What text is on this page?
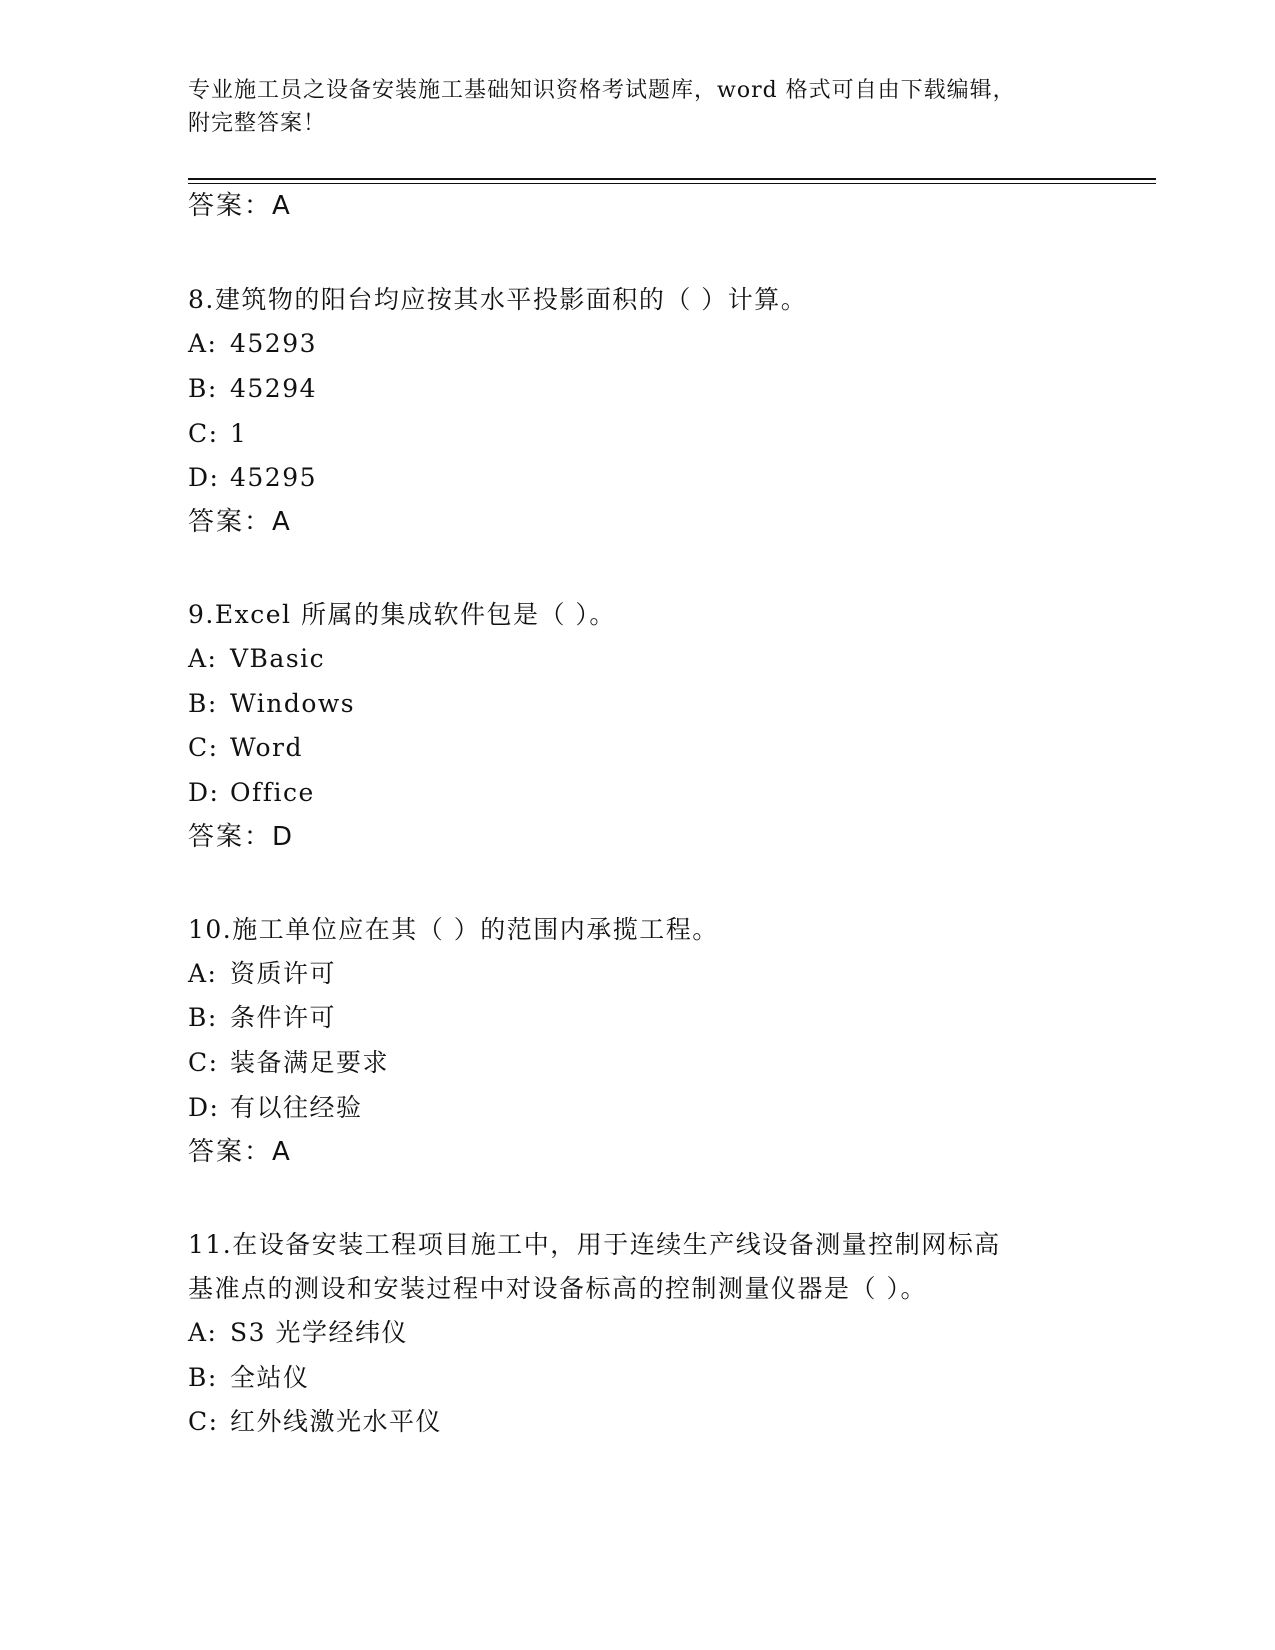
专业施工员之设备安装施工基础知识资格考试题库，word 格式可自由下载编辑，
附完整答案！
答案：A
8.建筑物的阳台均应按其水平投影面积的（ ）计算。
A: 45293
B: 45294
C: 1
D: 45295
答案：A
9.Excel 所属的集成软件包是（ ）。
A: VBasic
B: Windows
C: Word
D: Office
答案：D
10.施工单位应在其（ ）的范围内承揽工程。
A: 资质许可
B: 条件许可
C: 装备满足要求
D: 有以往经验
答案：A
11.在设备安装工程项目施工中，用于连续生产线设备测量控制网标高
基准点的测设和安装过程中对设备标高的控制测量仪器是（ ）。
A: S3 光学经纬仪
B: 全站仪
C: 红外线激光水平仪
